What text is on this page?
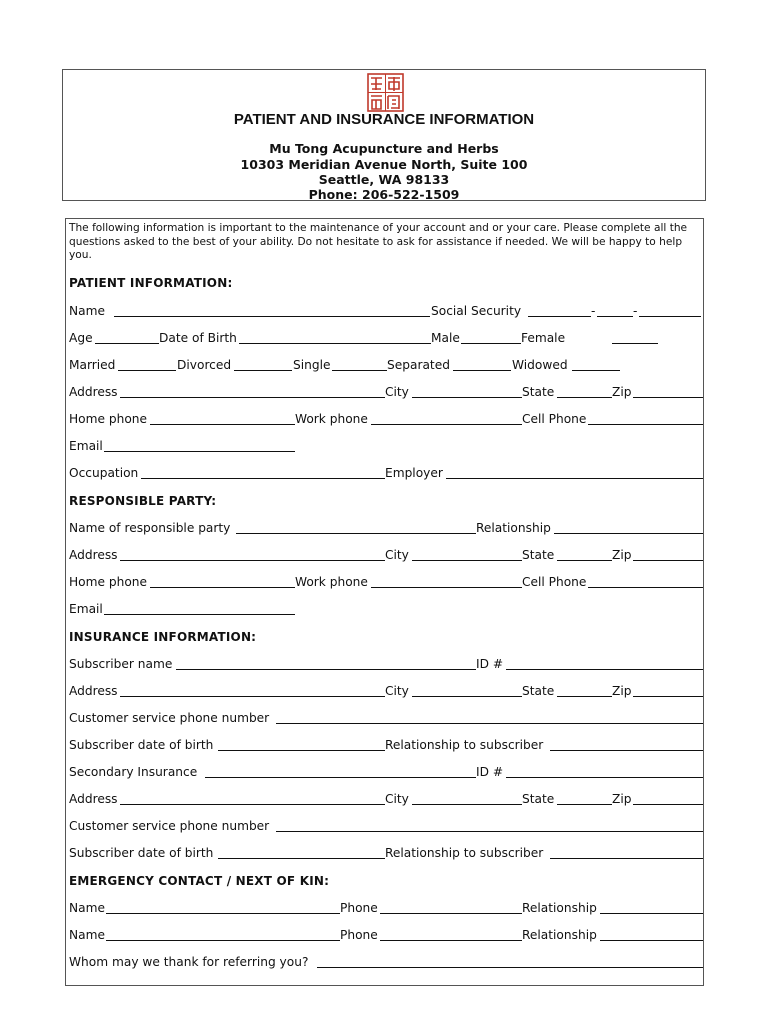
PATIENT AND INSURANCE INFORMATION
Mu Tong Acupuncture and Herbs
10303 Meridian Avenue North, Suite 100
Seattle, WA 98133
Phone: 206-522-1509
The following information is important to the maintenance of your account and or your care. Please complete all the questions asked to the best of your ability. Do not hesitate to ask for assistance if needed. We will be happy to help you.
PATIENT INFORMATION:
Name	Social Security	-	-
Age	Date of Birth	Male	Female
Married	Divorced	Single	Separated	Widowed
Address	City	State	Zip
Home phone	Work phone	Cell Phone
Email
Occupation	Employer
RESPONSIBLE PARTY:
Name of responsible party	Relationship
Address	City	State	Zip
Home phone	Work phone	Cell Phone
Email
INSURANCE INFORMATION:
Subscriber name	ID #
Address	City	State	Zip
Customer service phone number
Subscriber date of birth	Relationship to subscriber
Secondary Insurance	ID #
Address	City	State	Zip
Customer service phone number
Subscriber date of birth	Relationship to subscriber
EMERGENCY CONTACT / NEXT OF KIN:
Name	Phone	Relationship
Name	Phone	Relationship
Whom may we thank for referring you?
